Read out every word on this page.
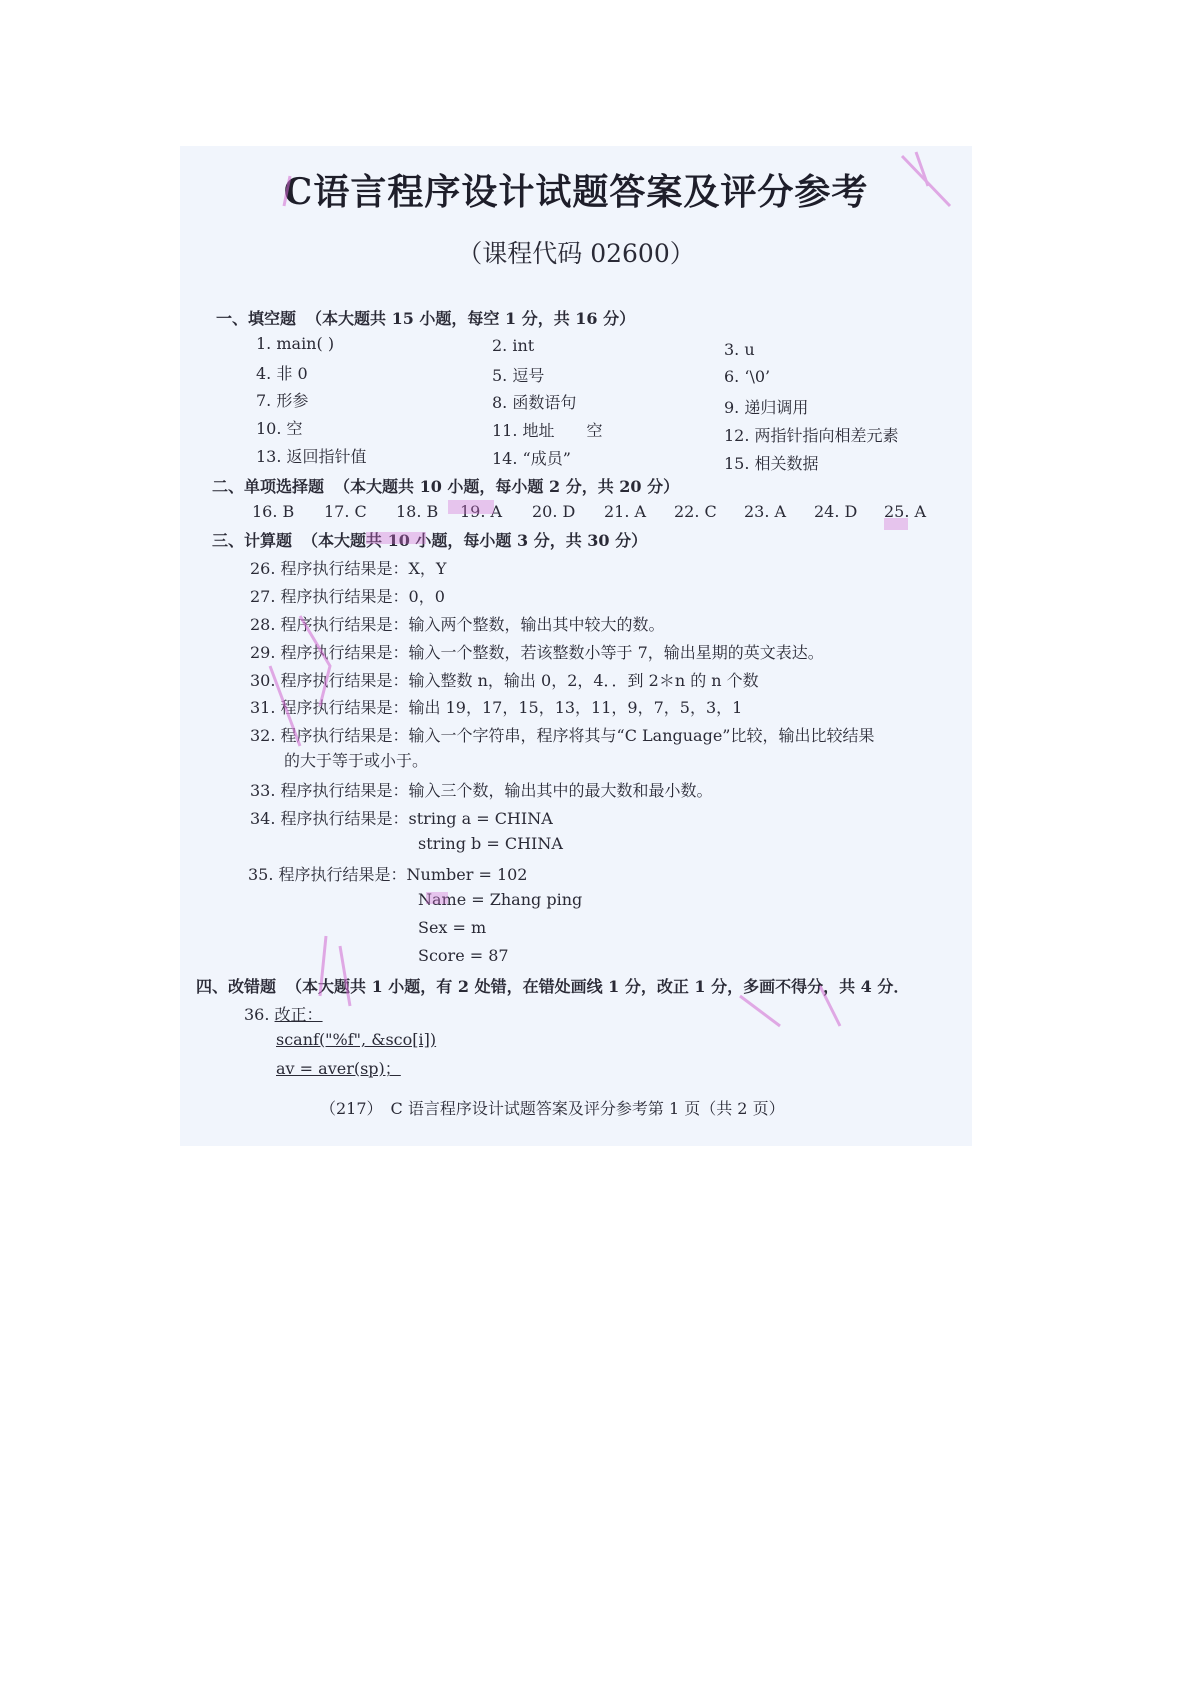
C语言程序设计试题答案及评分参考
（课程代码 02600）
一、填空题 （本大题共 15 小题，每空 1 分，共 16 分）
1. main( )	2. int	3. u
4. 非 0	5. 逗号	6. ‘\0’
7. 形参	8. 函数语句	9. 递归调用
10. 空	11. 地址　　空	12. 两指针指向相差元素
13. 返回指针值	14. “成员”	15. 相关数据
二、单项选择题 （本大题共 10 小题，每小题 2 分，共 20 分）
16. B 17. C 18. B 19. A 20. D 21. A 22. C 23. A 24. D 25. A
三、计算题 （本大题共 10 小题，每小题 3 分，共 30 分）
26. 程序执行结果是：X，Y
27. 程序执行结果是：0，0
28. 程序执行结果是：输入两个整数，输出其中较大的数。
29. 程序执行结果是：输入一个整数，若该整数小等于 7，输出星期的英文表达。
30. 程序执行结果是：输入整数 n，输出 0，2，4．．到 2＊n 的 n 个数
31. 程序执行结果是：输出 19，17，15，13，11，9，7，5，3，1
32. 程序执行结果是：输入一个字符串，程序将其与“C Language”比较，输出比较结果
的大于等于或小于。
33. 程序执行结果是：输入三个数，输出其中的最大数和最小数。
34. 程序执行结果是：string a = CHINA
string b = CHINA
35. 程序执行结果是：Number = 102
Name = Zhang ping
Sex = m
Score = 87
四、改错题 （本大题共 1 小题，有 2 处错，在错处画线 1 分，改正 1 分，多画不得分，共 4 分．
36. 改正：
scanf("%f", &sco[i])
av = aver(sp)；
（217）　C 语言程序设计试题答案及评分参考第 1 页（共 2 页）
